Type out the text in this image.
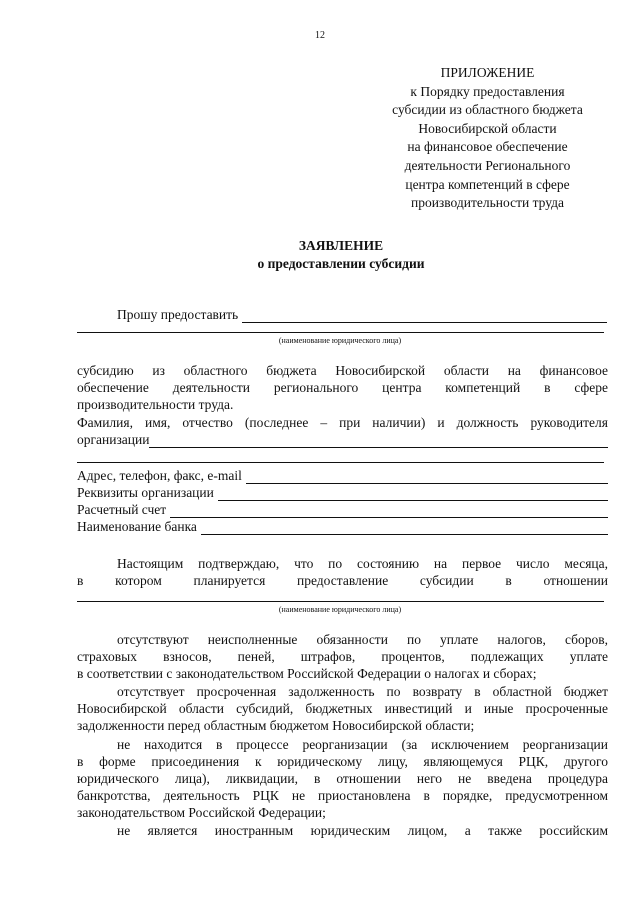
12
ПРИЛОЖЕНИЕ
к Порядку предоставления
субсидии из областного бюджета
Новосибирской области
на финансовое обеспечение
деятельности Регионального
центра компетенций в сфере
производительности труда
ЗАЯВЛЕНИЕ
о предоставлении субсидии
Прошу предоставить
(наименование юридического лица)
субсидию из областного бюджета Новосибирской области на финансовое
обеспечение деятельности регионального центра компетенций в сфере
производительности труда.
Фамилия, имя, отчество (последнее – при наличии) и должность руководителя
организации
Адрес, телефон, факс, e-mail
Реквизиты организации
Расчетный счет
Наименование банка
Настоящим подтверждаю, что по состоянию на первое число месяца,
в котором планируется предоставление субсидии в отношении
(наименование юридического лица)
отсутствуют неисполненные обязанности по уплате налогов, сборов,
страховых взносов, пеней, штрафов, процентов, подлежащих уплате
в соответствии с законодательством Российской Федерации о налогах и сборах;
отсутствует просроченная задолженность по возврату в областной бюджет
Новосибирской области субсидий, бюджетных инвестиций и иные просроченные
задолженности перед областным бюджетом Новосибирской области;
не находится в процессе реорганизации (за исключением реорганизации
в форме присоединения к юридическому лицу, являющемуся РЦК, другого
юридического лица), ликвидации, в отношении него не введена процедура
банкротства, деятельность РЦК не приостановлена в порядке, предусмотренном
законодательством Российской Федерации;
не является иностранным юридическим лицом, а также российским
